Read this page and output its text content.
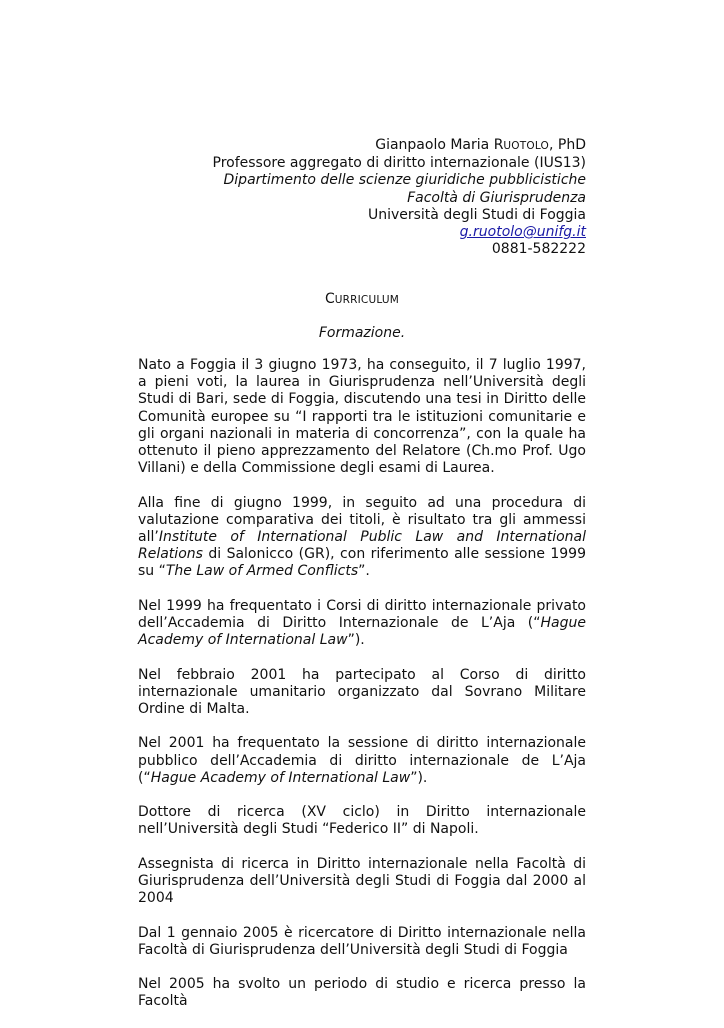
Gianpaolo Maria RUOTOLO, PhD
Professore aggregato di diritto internazionale (IUS13)
Dipartimento delle scienze giuridiche pubblicistiche
Facoltà di Giurisprudenza
Università degli Studi di Foggia
g.ruotolo@unifg.it
0881-582222
CURRICULUM
Formazione.

Nato a Foggia il 3 giugno 1973, ha conseguito, il 7 luglio 1997, a pieni voti, la laurea in Giurisprudenza nell’Università degli Studi di Bari, sede di Foggia, discutendo una tesi in Diritto delle Comunità europee su “I rapporti tra le istituzioni comunitarie e gli organi nazionali in materia di concorrenza”, con la quale ha ottenuto il pieno apprezzamento del Relatore (Ch.mo Prof. Ugo Villani) e della Commissione degli esami di Laurea.

Alla fine di giugno 1999, in seguito ad una procedura di valutazione comparativa dei titoli, è risultato tra gli ammessi all’Institute of International Public Law and International Relations di Salonicco (GR), con riferimento alle sessione 1999 su “The Law of Armed Conflicts”.

Nel 1999 ha frequentato i Corsi di diritto internazionale privato dell’Accademia di Diritto Internazionale de L’Aja (“Hague Academy of International Law”).

Nel febbraio 2001 ha partecipato al Corso di diritto internazionale umanitario organizzato dal Sovrano Militare Ordine di Malta.

Nel 2001 ha frequentato la sessione di diritto internazionale pubblico dell’Accademia di diritto internazionale de L’Aja (“Hague Academy of International Law”).

Dottore di ricerca (XV ciclo) in Diritto internazionale nell’Università degli Studi “Federico II” di Napoli.

Assegnista di ricerca in Diritto internazionale nella Facoltà di Giurisprudenza dell’Università degli Studi di Foggia dal 2000 al 2004

Dal 1 gennaio 2005 è ricercatore di Diritto internazionale nella Facoltà di Giurisprudenza dell’Università degli Studi di Foggia

Nel 2005 ha svolto un periodo di studio e ricerca presso la Facoltà
